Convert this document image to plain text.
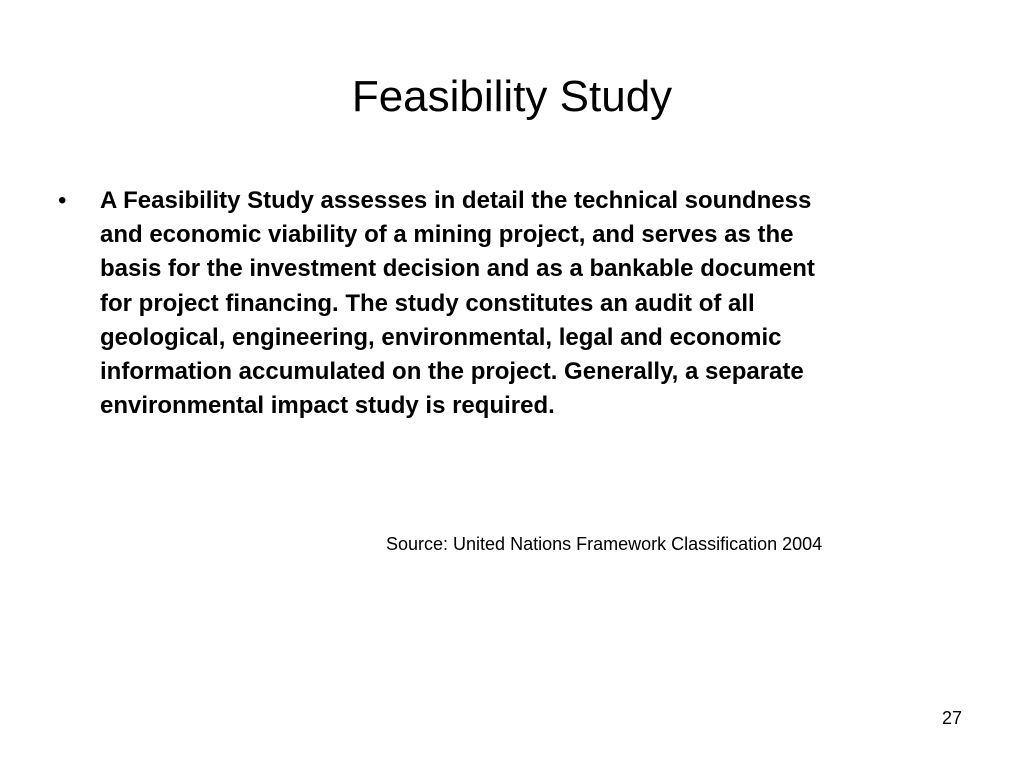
Feasibility Study
•	A Feasibility Study assesses in detail the technical soundness
and economic viability of a mining project, and serves as the
basis for the investment decision and as a bankable document
for project financing. The study constitutes an audit of all
geological, engineering, environmental, legal and economic
information accumulated on the project. Generally, a separate
environmental impact study is required.
Source: United Nations Framework Classification 2004
27
